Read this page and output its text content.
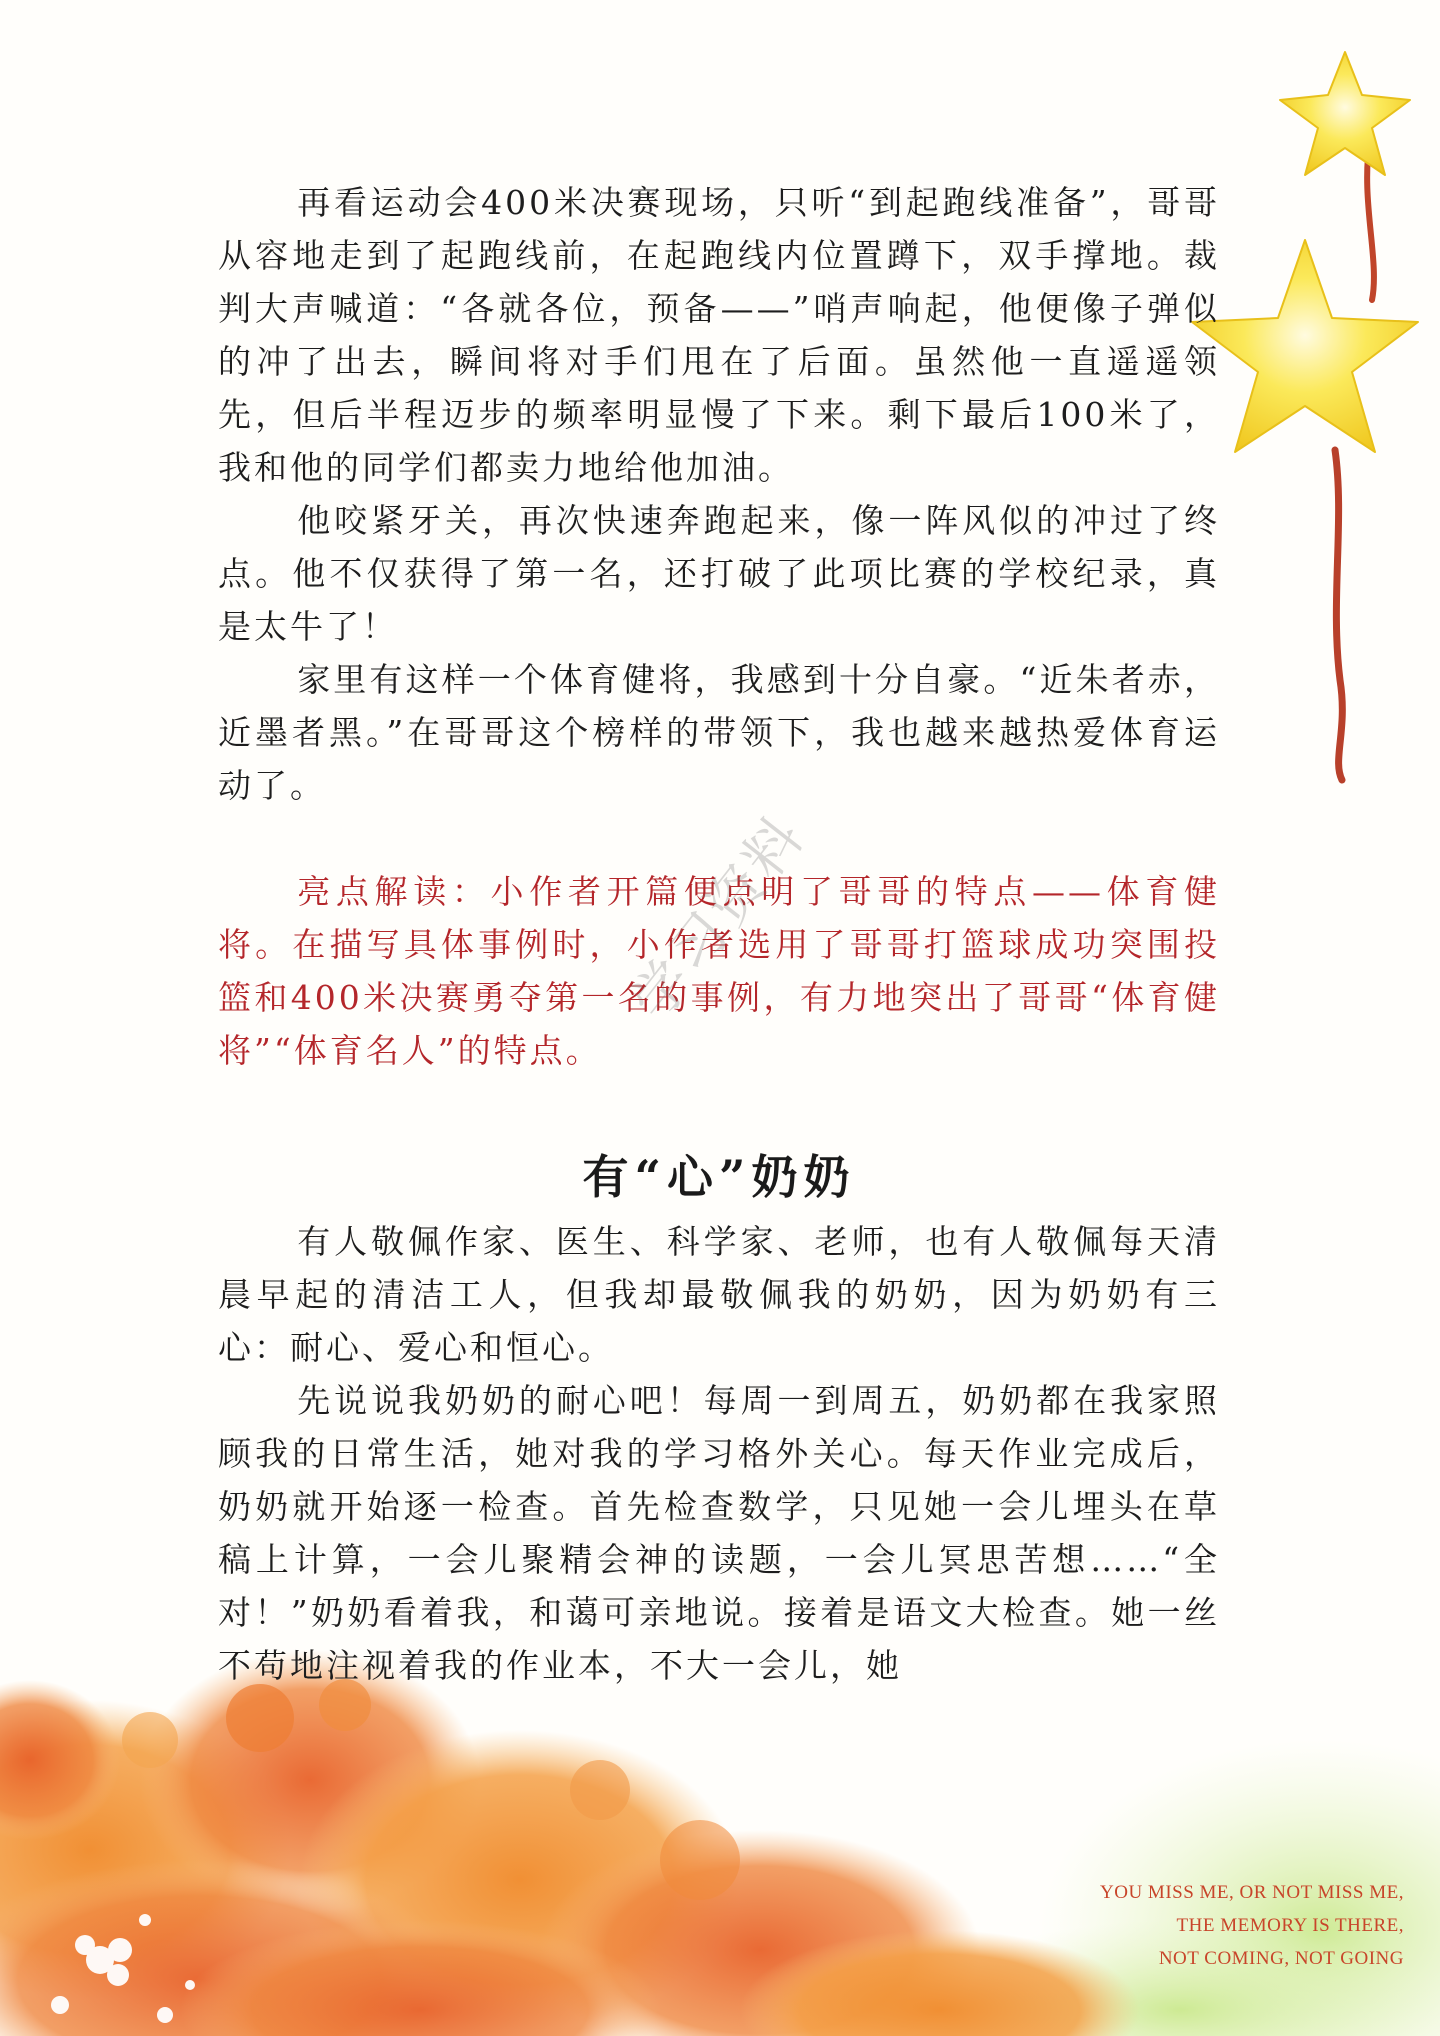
再看运动会400米决赛现场，只听“到起跑线准备”，哥哥从容地走到了起跑线前，在起跑线内位置蹲下，双手撑地。裁判大声喊道：“各就各位，预备——”哨声响起，他便像子弹似的冲了出去，瞬间将对手们甩在了后面。虽然他一直遥遥领先，但后半程迈步的频率明显慢了下来。剩下最后100米了，我和他的同学们都卖力地给他加油。

他咬紧牙关，再次快速奔跑起来，像一阵风似的冲过了终点。他不仅获得了第一名，还打破了此项比赛的学校纪录，真是太牛了！

家里有这样一个体育健将，我感到十分自豪。“近朱者赤，近墨者黑。”在哥哥这个榜样的带领下，我也越来越热爱体育运动了。

亮点解读：小作者开篇便点明了哥哥的特点——体育健将。在描写具体事例时，小作者选用了哥哥打篮球成功突围投篮和400米决赛勇夺第一名的事例，有力地突出了哥哥“体育健将”“体育名人”的特点。

有“心”奶奶

有人敬佩作家、医生、科学家、老师，也有人敬佩每天清晨早起的清洁工人，但我却最敬佩我的奶奶，因为奶奶有三心：耐心、爱心和恒心。

先说说我奶奶的耐心吧！每周一到周五，奶奶都在我家照顾我的日常生活，她对我的学习格外关心。每天作业完成后，奶奶就开始逐一检查。首先检查数学，只见她一会儿埋头在草稿上计算，一会儿聚精会神的读题，一会儿冥思苦想……“全对！”奶奶看着我，和蔼可亲地说。接着是语文大检查。她一丝不苟地注视着我的作业本，不大一会儿，她

学习资料
YOU MISS ME, OR NOT MISS ME,
THE MEMORY IS THERE,
NOT COMING, NOT GOING
